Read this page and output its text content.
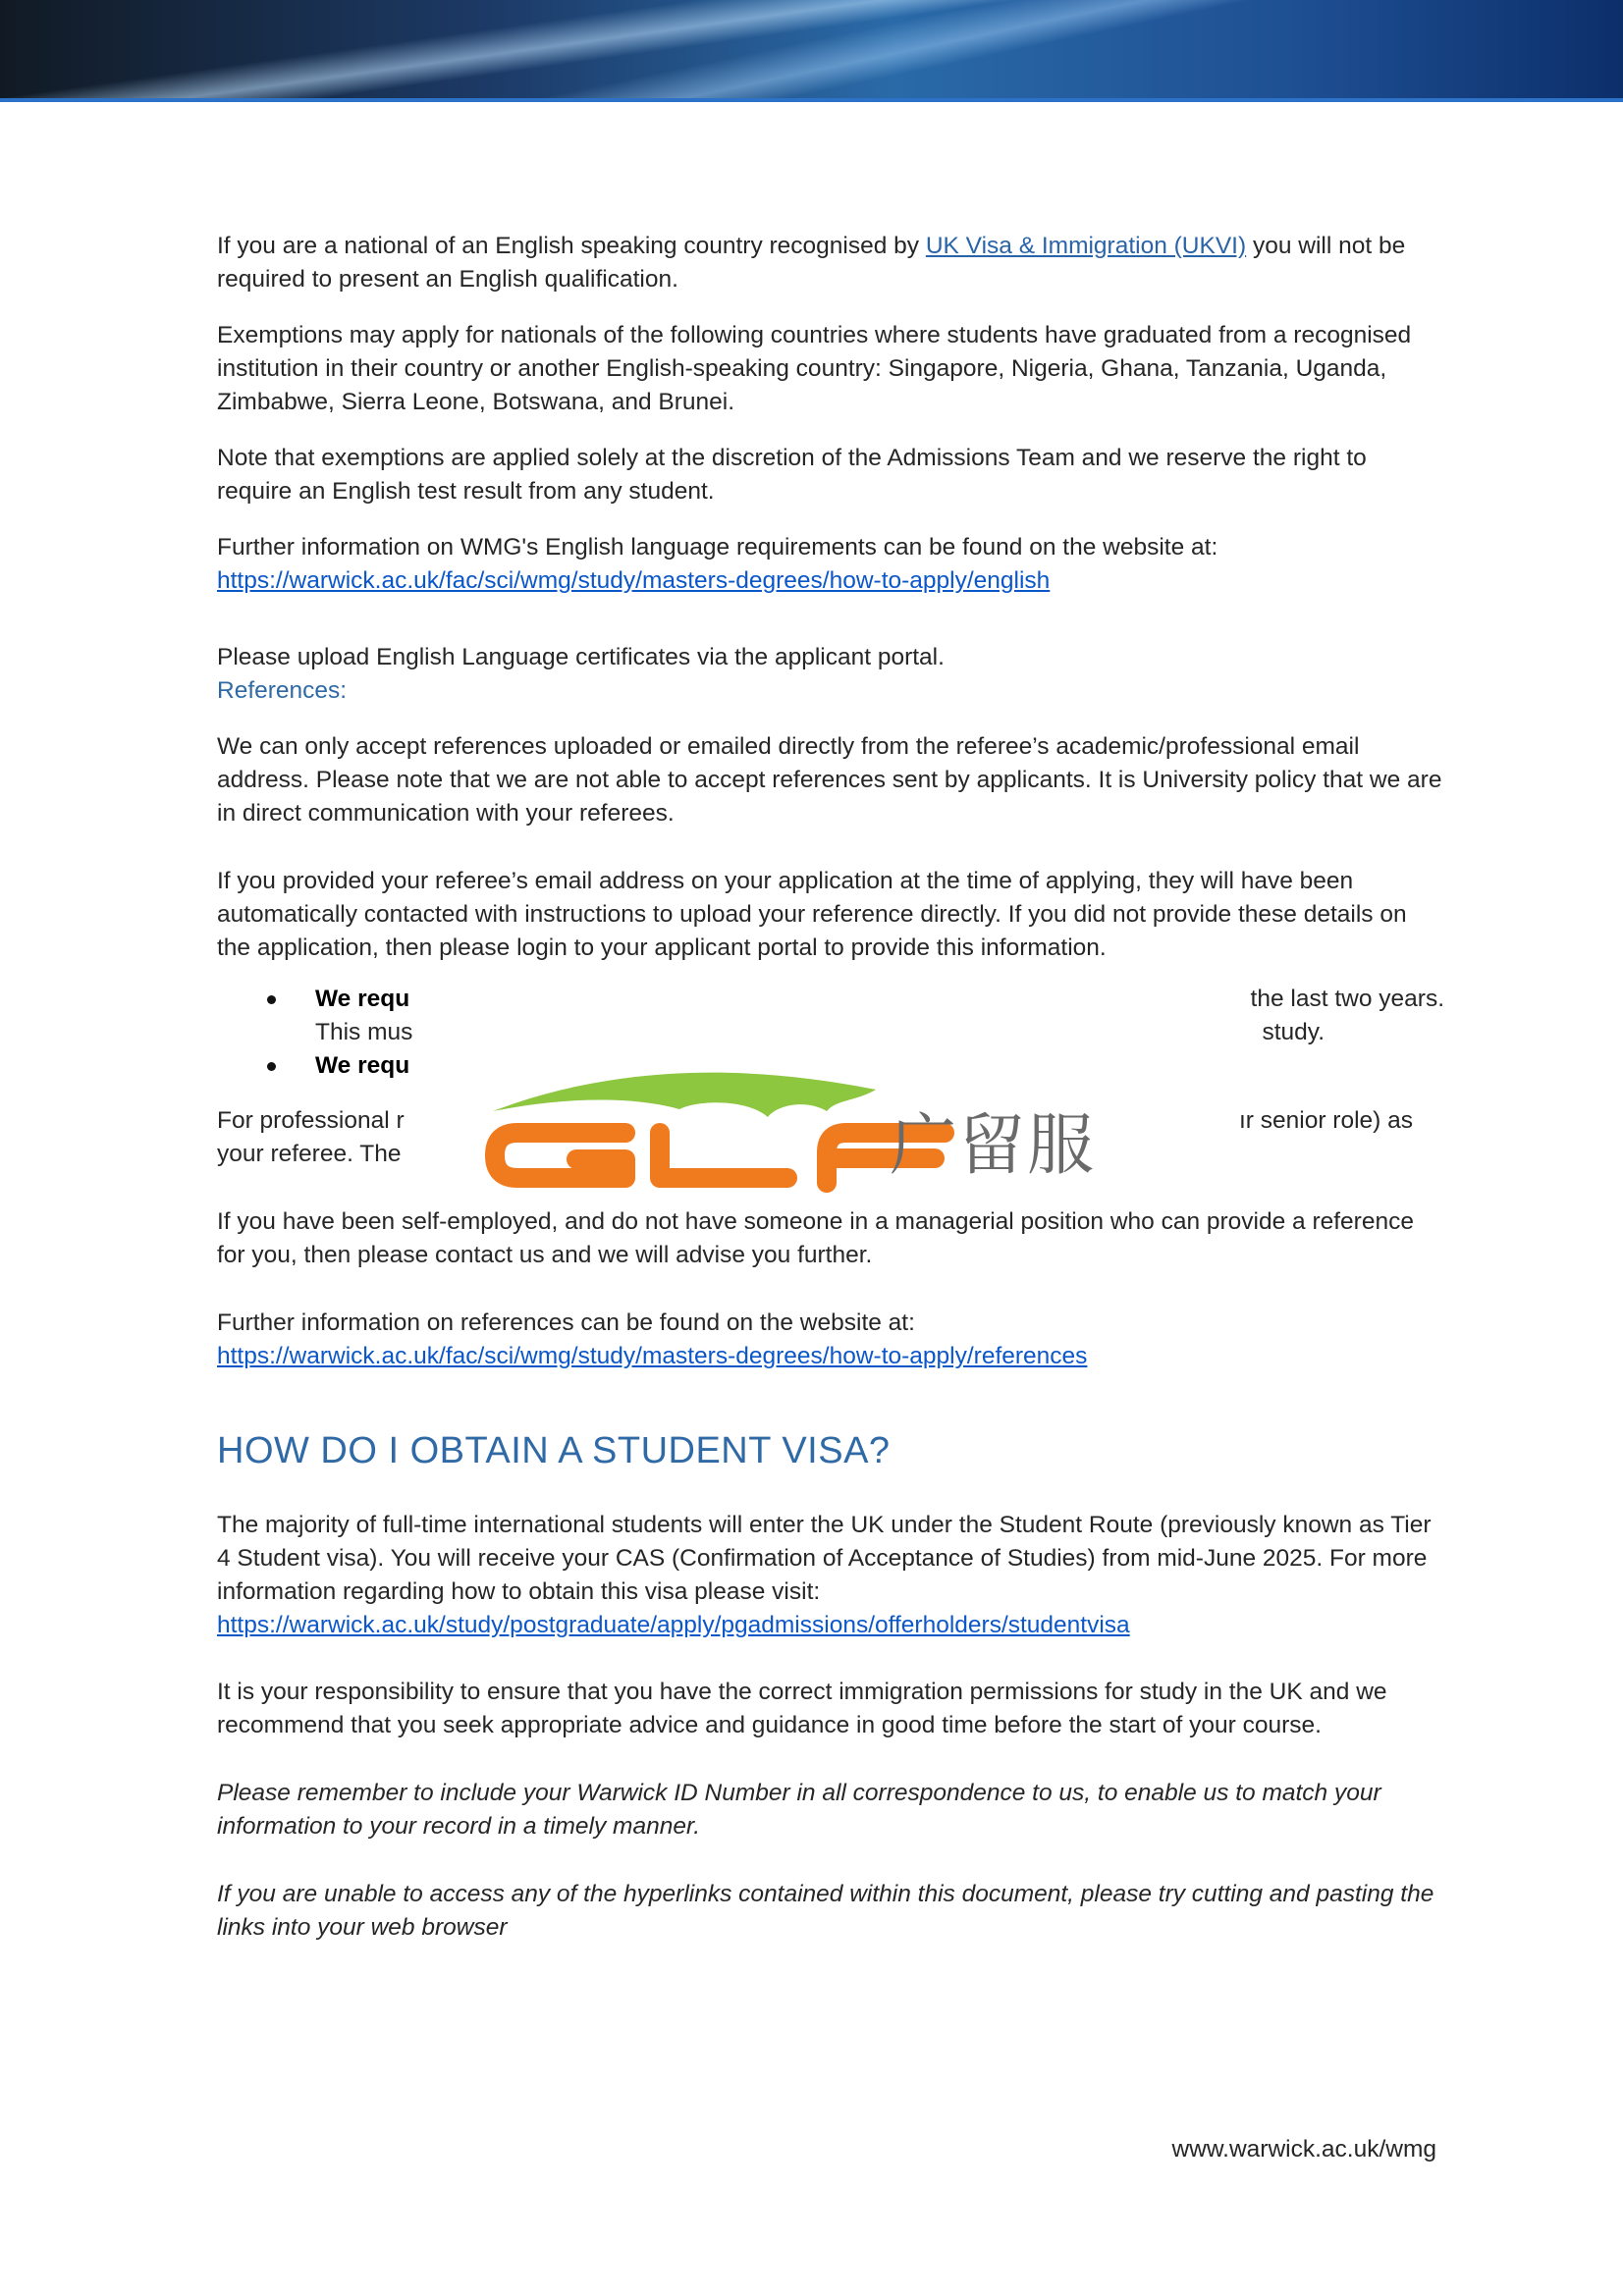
If you are a national of an English speaking country recognised by UK Visa & Immigration (UKVI) you will not be required to present an English qualification.

Exemptions may apply for nationals of the following countries where students have graduated from a recognised institution in their country or another English-speaking country: Singapore, Nigeria, Ghana, Tanzania, Uganda, Zimbabwe, Sierra Leone, Botswana, and Brunei.

Note that exemptions are applied solely at the discretion of the Admissions Team and we reserve the right to require an English test result from any student.

Further information on WMG's English language requirements can be found on the website at:
https://warwick.ac.uk/fac/sci/wmg/study/masters-degrees/how-to-apply/english

Please upload English Language certificates via the applicant portal.

References:

We can only accept references uploaded or emailed directly from the referee’s academic/professional email address. Please note that we are not able to accept references sent by applicants. It is University policy that we are in direct communication with your referees.

If you provided your referee’s email address on your application at the time of applying, they will have been automatically contacted with instructions to upload your reference directly. If you did not provide these details on the application, then please login to your applicant portal to provide this information.

We requ	the last two years.
This mus	study.
We requ

For professional r	ır senior role) as

your referee. The

If you have been self-employed, and do not have someone in a managerial position who can provide a reference for you, then please contact us and we will advise you further.

Further information on references can be found on the website at:
https://warwick.ac.uk/fac/sci/wmg/study/masters-degrees/how-to-apply/references

HOW DO I OBTAIN A STUDENT VISA?

The majority of full-time international students will enter the UK under the Student Route (previously known as Tier 4 Student visa). You will receive your CAS (Confirmation of Acceptance of Studies) from mid-June 2025. For more information regarding how to obtain this visa please visit:
https://warwick.ac.uk/study/postgraduate/apply/pgadmissions/offerholders/studentvisa

It is your responsibility to ensure that you have the correct immigration permissions for study in the UK and we recommend that you seek appropriate advice and guidance in good time before the start of your course.

Please remember to include your Warwick ID Number in all correspondence to us, to enable us to match your information to your record in a timely manner.

If you are unable to access any of the hyperlinks contained within this document, please try cutting and pasting the links into your web browser

广留服
www.warwick.ac.uk/wmg
